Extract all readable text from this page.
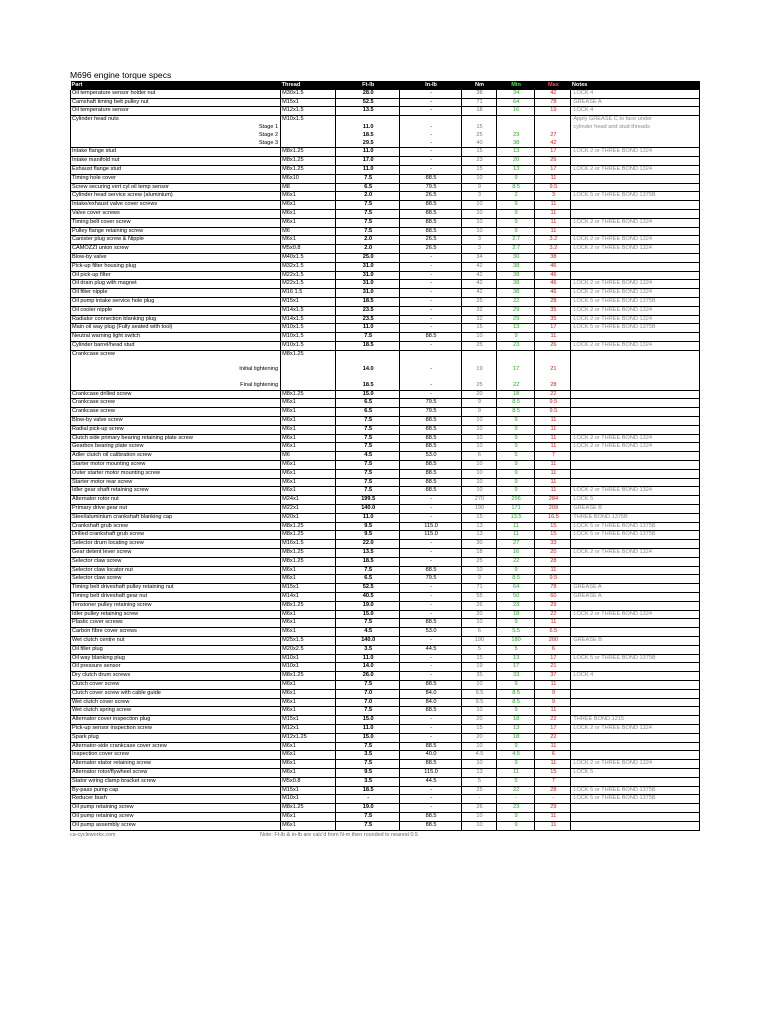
M696 engine torque specs
Part	Thread	Ft-lb	In-lb	Nm	Min	Max	Notes
Oil temperature sensor holder nut	M30x1.5	28.0	-	38	34	42	LOCK 4
Camshaft timing belt pulley nut	M15x1	52.5	-	71	64	78	GREASE A
Oil temperature sensor	M12x1.5	13.5	-	18	16	19	LOCK 4
Cylinder head nuts	M10x1.5						Apply GREASE C to face under
Stage 1		11.0	-	15			cylinder head and stud threads
Stage 2		18.5	-	25	23	27	
Stage 3		29.5	-	40	38	42	
Intake flange stud	M8x1.25	11.0	-	15	13	17	LOCK 2 or THREE BOND 1324
Intake manifold nut	M8x1.25	17.0	-	23	20	26	
Exhaust flange stud	M8x1.25	11.0	-	15	13	17	LOCK 2 or THREE BOND 1324
Timing hole cover	M6x10	7.5	88.5	10	9	11	
Screw securing vert cyl oil temp sensor	M8	6.5	79.5	9	8.5	9.5	
Cylinder head service screw (aluminium)	M6x1	2.0	26.5	3	2	3	LOCK 5 or THREE BOND 1375B
Intake/exhaust valve cover screws	M6x1	7.5	88.5	10	9	11	
Valve cover screws	M6x1	7.5	88.5	10	9	11	
Timing belt cover screw	M6x1	7.5	88.5	10	9	11	LOCK 2 or THREE BOND 1324
Pulley flange retaining screw	M6	7.5	88.5	10	9	11	
Canister plug screw & Nipple	M6x1	2.0	26.5	3	2.7	3.2	LOCK 2 or THREE BOND 1324
CAMOZZI union screw	M5x0.8	2.0	26.5	3	2.7	3.2	LOCK 2 or THREE BOND 1324
Blow-by valve	M40x1.5	25.0	-	34	30	38	
Pick-up filter housing plug	M32x1.5	31.0	-	42	38	46	
Oil pick-up filter	M22x1.5	31.0	-	42	38	46	
Oil drain plug with magnet	M22x1.5	31.0	-	42	38	46	LOCK 2 or THREE BOND 1324
Oil filter nipple	M16 1.5	31.0	-	42	38	46	LOCK 2 or THREE BOND 1324
Oil pump intake service hole plug	M15x1	18.5	-	25	22	28	LOCK 5 or THREE BOND 1375B
Oil cooler nipple	M14x1.5	23.5	-	32	29	35	LOCK 2 or THREE BOND 1324
Radiator connection blanking plug	M14x1.5	23.5	-	32	29	35	LOCK 2 or THREE BOND 1324
Main oil way plug (Fully seated with tool)	M10x1.5	11.0	-	15	13	17	LOCK 5 or THREE BOND 1375B
Neutral warning light switch	M10x1.5	7.5	88.5	10	9	11	
Cylinder barrel/head stud	M10x1.5	18.5	-	25	23	26	LOCK 2 or THREE BOND 1324
Crankcase screw	M8x1.25						

Initial tightening		14.0	-	19	17	21	

Final tightening		18.5	-	25	22	28	
Crankcase drilled screw	M8x1.25	15.0	-	20	18	22	
Crankcase screw	M6x1	6.5	79.5	9	8.5	9.5	
Crankcase screw	M6x1	6.5	79.5	9	8.5	9.5	
Blow-by valve screw	M6x1	7.5	88.5	10	9	11	
Radial pick-up screw	M6x1	7.5	88.5	10	9	11	
Clutch side primary bearing retaining plate screw	M6x1	7.5	88.5	10	9	11	LOCK 2 or THREE BOND 1324
Gearbox bearing plate screw	M6x1	7.5	88.5	10	9	11	LOCK 2 or THREE BOND 1324
Adler clutch oil calibration screw	M6	4.5	53.0	6	5	7	
Starter motor mounting screw	M6x1	7.5	88.5	10	9	11	
Outer starter motor mounting screw	M6x1	7.5	88.5	10	9	11	
Starter motor rear screw	M6x1	7.5	88.5	10	9	11	
Idler gear shaft retaining screw	M6x1	7.5	88.5	10	9	11	LOCK 2 or THREE BOND 1324
Alternator rotor nut	M24x1	199.5	-	270	256	284	LOCK 5
Primary drive gear nut	M22x1	140.0	-	190	171	209	GREASE B
Steel/aluminium crankshaft blanking cap	M20x1	11.0	-	15	13.5	16.5	THREE BOND 1375B
Crankshaft grub screw	M8x1.25	9.5	115.0	13	11	15	LOCK 5 or THREE BOND 1375B
Drilled crankshaft grub screw	M8x1.25	9.5	115.0	13	11	15	LOCK 5 or THREE BOND 1375B
Selector drum locating screw	M16x1.5	22.0	-	30	27	33	
Gear detent lever screw	M8x1.25	13.5	-	18	16	20	LOCK 2 or THREE BOND 1324
Selector claw screw	M8x1.25	18.5	-	25	22	28	
Selector claw locator nut	M6x1	7.5	88.5	10	9	11	
Selector claw screw	M6x1	6.5	79.5	9	8.5	9.5	
Timing belt driveshaft pulley retaining nut	M15x1	52.5	-	71	64	78	GREASE A
Timing belt driveshaft gear nut	M14x1	40.5	-	55	50	60	GREASE A
Tensioner pulley retaining screw	M8x1.25	19.0	-	26	23	29	
Idler pulley retaining screw	M6x1	15.0	-	20	18	22	LOCK 2 or THREE BOND 1324
Plastic cover screws	M6x1	7.5	88.5	10	9	11	
Carbon fibre cover screws	M6x1	4.5	53.0	6	5.5	6.5	
Wet clutch centre nut	M25x1.5	140.0	-	190	180	200	GREASE B
Oil filler plug	M20x2.5	3.5	44.5	5	5	6	
Oil way blanking plug	M10x1	11.0	-	15	13	17	LOCK 5 or THREE BOND 1375B
Oil pressure sensor	M10x1	14.0	-	19	17	21	
Dry clutch drum screws	M8x1.25	26.0	-	35	33	37	LOCK 4
Clutch cover screw	M6x1	7.5	88.5	10	9	11	
Clutch cover screw with cable guide	M6x1	7.0	84.0	9.5	8.5	9	
Wet clutch cover screw	M6x1	7.0	84.0	9.5	8.5	9	
Wet clutch spring screw	M6x1	7.5	88.5	10	9	11	
Alternator cover inspection plug	M15x1	15.0	-	20	18	22	THREE BOND 1215
Pick-up sensor inspection screw	M12x1	11.0	-	15	13	17	LOCK 2 or THREE BOND 1324
Spark plug	M12x1.25	15.0	-	20	18	22	
Alternator-side crankcase cover screw	M6x1	7.5	88.5	10	9	11	
Inspection cover screw	M6x1	3.5	40.0	4.5	4.5	6	
Alternator stator retaining screw	M6x1	7.5	88.5	10	9	11	LOCK 2 or THREE BOND 1324
Alternator rotor/flywheel screw	M6x1	9.5	115.0	13	11	15	LOCK 5
Stator wiring clamp bracket screw	M5x0.8	3.5	44.5	5	5	7	
By-pass pump cap	M15x1	18.5	-	25	22	28	LOCK 5 or THREE BOND 1375B
Reducer bush	M10x1	-	-	-	-	-	LOCK 5 or THREE BOND 1375B
Oil pump retaining screw	M8x1.25	19.0	-	26	23	29	
Oil pump retaining screw	M6x1	7.5	88.5	10	9	11	
Oil pump assembly screw	M6x1	7.5	88.5	10	9	11	
ca-cycleworks.com	Note: Ft-lb & in-lb are calc'd from N-m then rounded to nearest 0.5
